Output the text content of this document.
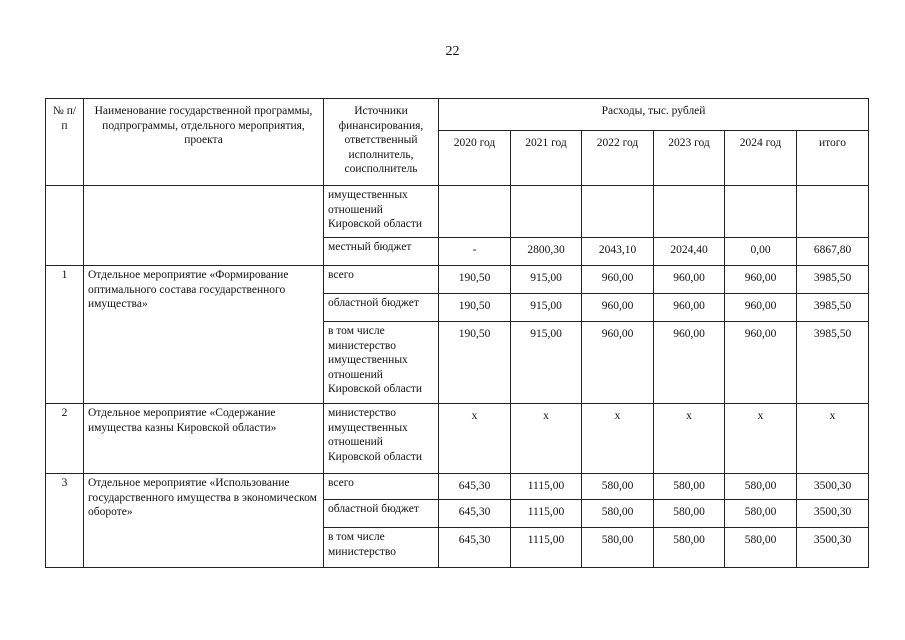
22
№ п/п	Наименование государственной программы, подпрограммы, отдельного мероприятия, проекта	Источники финансирования, ответственный исполнитель, соисполнитель	Расходы, тыс. рублей					
			2020 год	2021 год	2022 год	2023 год	2024 год	итого
		имущественных отношений Кировской области						
		местный бюджет	-	2800,30	2043,10	2024,40	0,00	6867,80
1	Отдельное мероприятие «Формирование оптимального состава государственного имущества»	всего	190,50	915,00	960,00	960,00	960,00	3985,50
		областной бюджет	190,50	915,00	960,00	960,00	960,00	3985,50
		в том числе министерство имущественных отношений Кировской области	190,50	915,00	960,00	960,00	960,00	3985,50
2	Отдельное мероприятие «Содержание имущества казны Кировской области»	министерство имущественных отношений Кировской области	x	x	x	x	x	x
3	Отдельное мероприятие «Использование государственного имущества в экономическом обороте»	всего	645,30	1115,00	580,00	580,00	580,00	3500,30
		областной бюджет	645,30	1115,00	580,00	580,00	580,00	3500,30
		в том числе министерство	645,30	1115,00	580,00	580,00	580,00	3500,30
